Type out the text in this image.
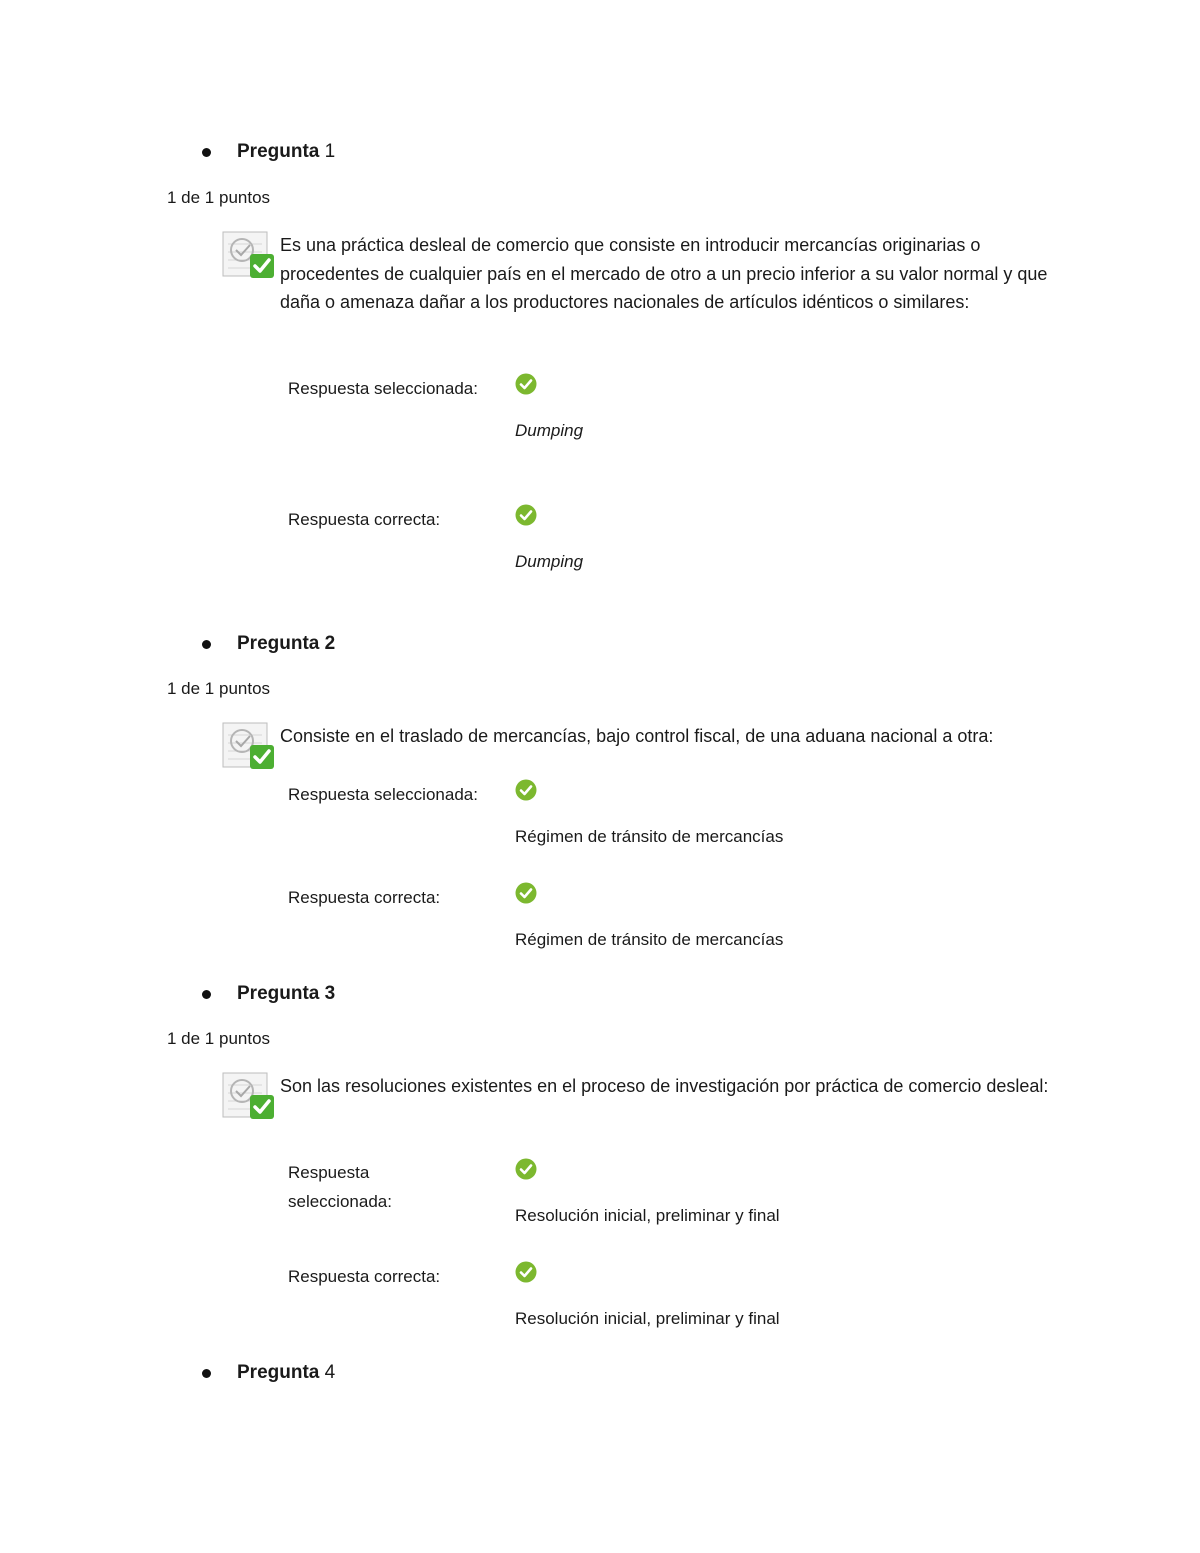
Pregunta
1
1 de 1 puntos
Es una práctica desleal de comercio que consiste en introducir mercancías originarias o procedentes de cualquier país en el mercado de otro a un precio inferior a su valor normal y que daña o amenaza dañar a los productores nacionales de artículos idénticos o similares:
Respuesta seleccionada:
Dumping
Respuesta correcta:
Dumping
Pregunta
2
1 de 1 puntos
Consiste en el traslado de mercancías, bajo control fiscal, de una aduana nacional a otra:
Respuesta seleccionada:
Régimen de tránsito de mercancías
Respuesta correcta:
Régimen de tránsito de mercancías
Pregunta
3
1 de 1 puntos
Son las resoluciones existentes en el proceso de investigación por práctica de comercio desleal:
Respuesta seleccionada:
Resolución inicial, preliminar y final
Respuesta correcta:
Resolución inicial, preliminar y final
Pregunta
4
